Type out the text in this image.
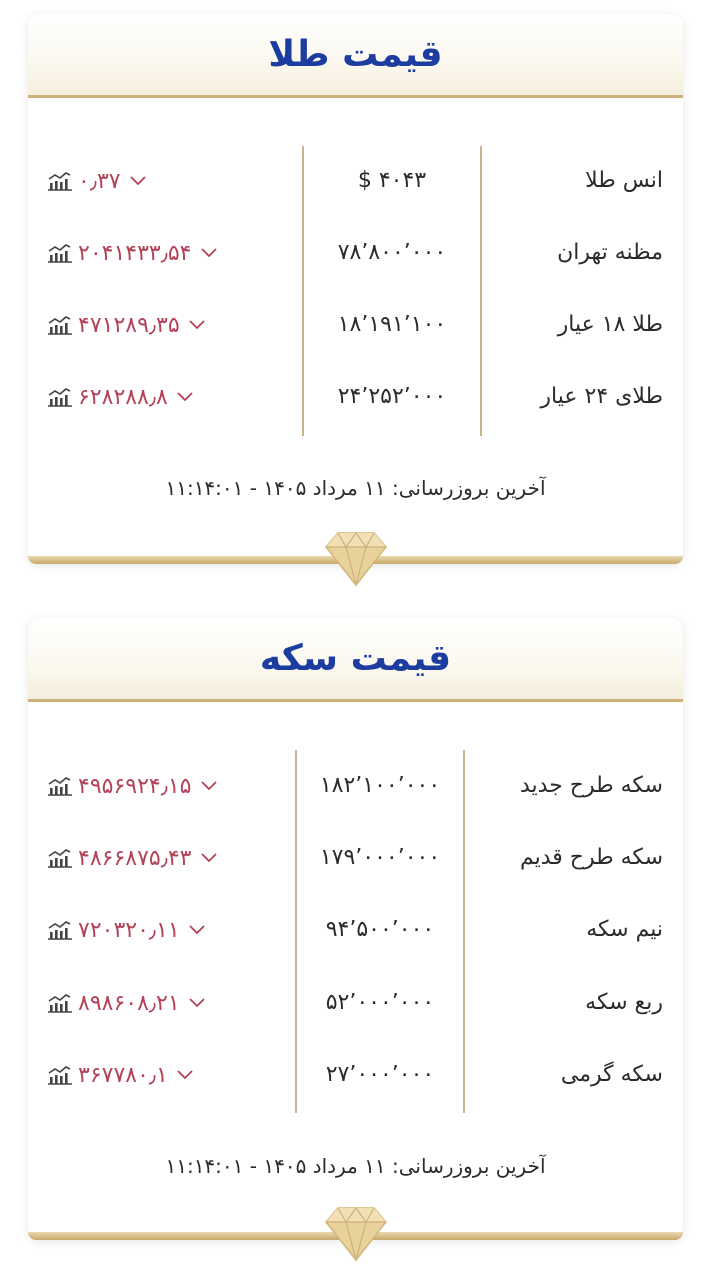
قیمت طلا
انس طلا
$ ۴۰۴۳
۰٫۳۷
مظنه تهران
۷۸٬۸۰۰٬۰۰۰
۲۰۴۱۴۳۳٫۵۴
طلا ۱۸ عیار
۱۸٬۱۹۱٬۱۰۰
۴۷۱۲۸۹٫۳۵
طلای ۲۴ عیار
۲۴٬۲۵۲٬۰۰۰
۶۲۸۲۸۸٫۸
آخرین بروزرسانی: ۱۱ مرداد ۱۴۰۵ - ۱۱:۱۴:۰۱
قیمت سکه
سکه طرح جدید
۱۸۲٬۱۰۰٬۰۰۰
۴۹۵۶۹۲۴٫۱۵
سکه طرح قدیم
۱۷۹٬۰۰۰٬۰۰۰
۴۸۶۶۸۷۵٫۴۳
نیم سکه
۹۴٬۵۰۰٬۰۰۰
۷۲۰۳۲۰٫۱۱
ربع سکه
۵۲٬۰۰۰٬۰۰۰
۸۹۸۶۰۸٫۲۱
سکه گرمی
۲۷٬۰۰۰٬۰۰۰
۳۶۷۷۸۰٫۱
آخرین بروزرسانی: ۱۱ مرداد ۱۴۰۵ - ۱۱:۱۴:۰۱
